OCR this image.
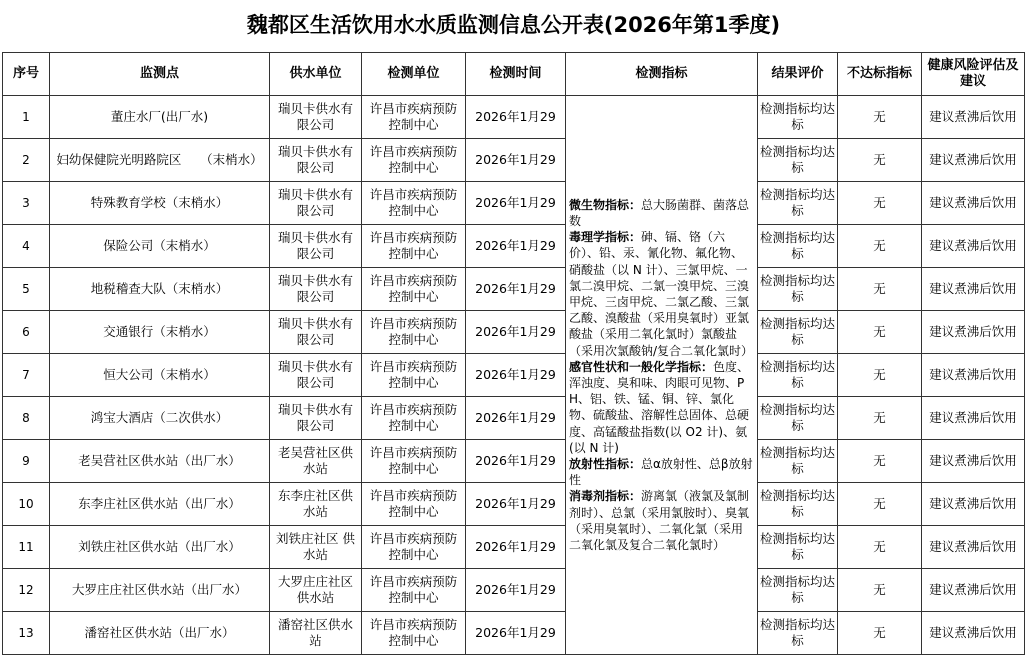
魏都区生活饮用水水质监测信息公开表(2026年第1季度)
序号	监测点	供水单位	检测单位	检测时间	检测指标	结果评价	不达标指标	健康风险评估及建议
1	董庄水厂(出厂水)	瑞贝卡供水有限公司	许昌市疾病预防控制中心	2026年1月29	微生物指标：总大肠菌群、菌落总数
毒理学指标：砷、镉、铬（六价）、铅、汞、氰化物、氟化物、硝酸盐（以 N 计）、三氯甲烷、一氯二溴甲烷、二氯一溴甲烷、三溴甲烷、三卤甲烷、二氯乙酸、三氯乙酸、溴酸盐（采用臭氧时）亚氯酸盐（采用二氧化氯时）氯酸盐（采用次氯酸钠/复合二氧化氯时）
感官性状和一般化学指标：色度、浑浊度、臭和味、肉眼可见物、PH、铝、铁、锰、铜、锌、氯化物、硫酸盐、溶解性总固体、总硬度、高锰酸盐指数(以 O2 计)、氨(以 N 计)
放射性指标：总α放射性、总β放射性
消毒剂指标：游离氯（液氯及氯制剂时）、总氯（采用氯胺时）、臭氧（采用臭氧时）、二氧化氯（采用二氧化氯及复合二氧化氯时）	检测指标均达标	无	建议煮沸后饮用
2	妇幼保健院光明路院区　　（末梢水）	瑞贝卡供水有限公司	许昌市疾病预防控制中心	2026年1月29		检测指标均达标	无	建议煮沸后饮用
3	特殊教育学校（末梢水）	瑞贝卡供水有限公司	许昌市疾病预防控制中心	2026年1月29		检测指标均达标	无	建议煮沸后饮用
4	保险公司（末梢水）	瑞贝卡供水有限公司	许昌市疾病预防控制中心	2026年1月29		检测指标均达标	无	建议煮沸后饮用
5	地税稽查大队（末梢水）	瑞贝卡供水有限公司	许昌市疾病预防控制中心	2026年1月29		检测指标均达标	无	建议煮沸后饮用
6	交通银行（末梢水）	瑞贝卡供水有限公司	许昌市疾病预防控制中心	2026年1月29		检测指标均达标	无	建议煮沸后饮用
7	恒大公司（末梢水）	瑞贝卡供水有限公司	许昌市疾病预防控制中心	2026年1月29		检测指标均达标	无	建议煮沸后饮用
8	鸿宝大酒店（二次供水）	瑞贝卡供水有限公司	许昌市疾病预防控制中心	2026年1月29		检测指标均达标	无	建议煮沸后饮用
9	老吴营社区供水站（出厂水）	老吴营社区供水站	许昌市疾病预防控制中心	2026年1月29		检测指标均达标	无	建议煮沸后饮用
10	东李庄社区供水站（出厂水）	东李庄社区供水站	许昌市疾病预防控制中心	2026年1月29		检测指标均达标	无	建议煮沸后饮用
11	刘铁庄社区供水站（出厂水）	刘铁庄社区 供水站	许昌市疾病预防控制中心	2026年1月29		检测指标均达标	无	建议煮沸后饮用
12	大罗庄庄社区供水站（出厂水）	大罗庄庄社区供水站	许昌市疾病预防控制中心	2026年1月29		检测指标均达标	无	建议煮沸后饮用
13	潘窑社区供水站（出厂水）	潘窑社区供水站	许昌市疾病预防控制中心	2026年1月29		检测指标均达标	无	建议煮沸后饮用
